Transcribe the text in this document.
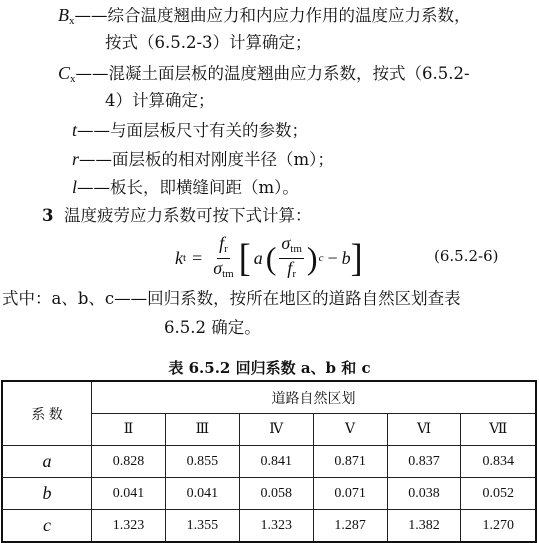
$B_x——$综合温度翘曲应力和内应力作用的温度应力系数，
按式（6.5.2-3）计算确定；
$C_x——$混凝土面层板的温度翘曲应力系数，按式（6.5.2-
4）计算确定；
t——与面层板尺寸有关的参数；
r——面层板的相对刚度半径（m）；
l——板长，即横缝间距（m）。
3 温度疲劳应力系数可按下式计算：
k $t = \frac{f_r}{\sigma_{tm}}$ [ a ( $\frac{\sigma_{tm}}{f_r}$ ) c − b ]	(6.5.2-6)
式中：a、b、c——回归系数，按所在地区的道路自然区划查表
6.5.2 确定。
表 6.5.2 回归系数 a、b 和 c
系 数	道路自然区划					
	Ⅱ	Ⅲ	Ⅳ	Ⅴ	Ⅵ	Ⅶ
a	0.828	0.855	0.841	0.871	0.837	0.834
b	0.041	0.041	0.058	0.071	0.038	0.052
c	1.323	1.355	1.323	1.287	1.382	1.270
